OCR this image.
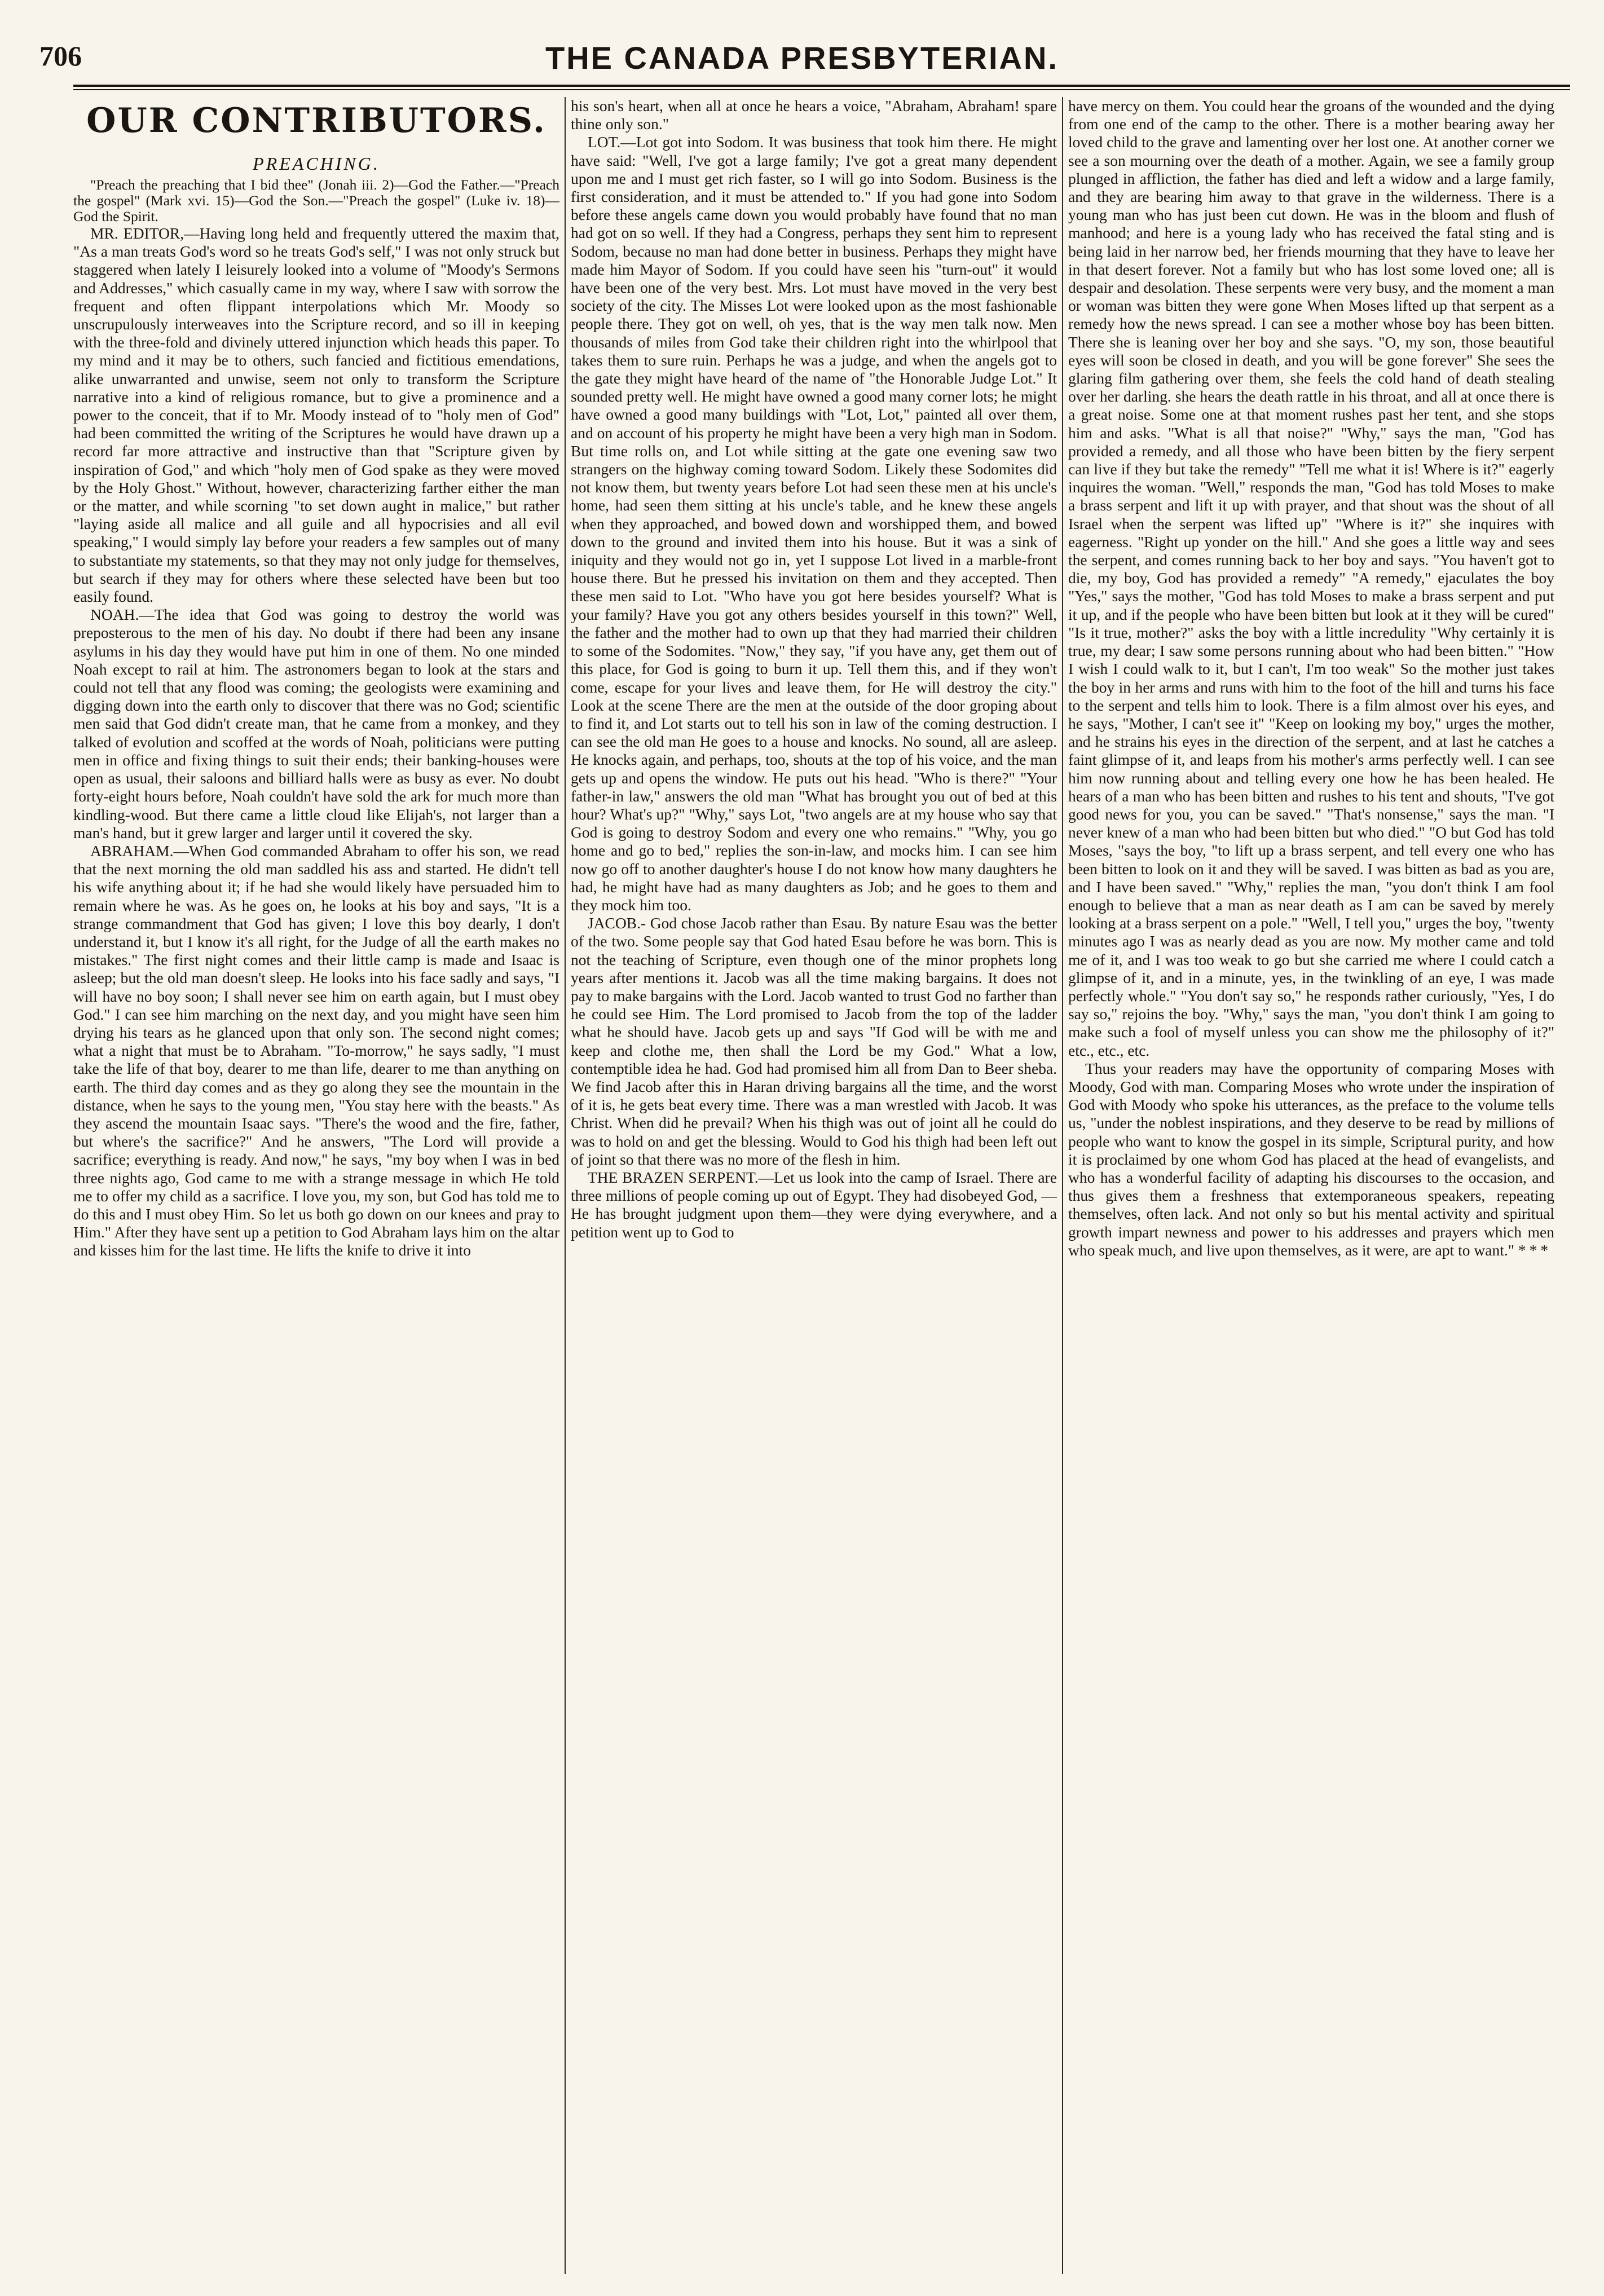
706	THE CANADA PRESBYTERIAN.
OUR CONTRIBUTORS.
PREACHING.

"Preach the preaching that I bid thee" (Jonah iii. 2)—God the Father.—"Preach the gospel" (Mark xvi. 15)—God the Son.—"Preach the gospel" (Luke iv. 18)—God the Spirit.

MR. EDITOR,—Having long held and frequently uttered the maxim that, "As a man treats God's word so he treats God's self," I was not only struck but staggered when lately I leisurely looked into a volume of "Moody's Sermons and Addresses," which casually came in my way, where I saw with sorrow the frequent and often flippant interpolations which Mr. Moody so unscrupulously interweaves into the Scripture record, and so ill in keeping with the three-fold and divinely uttered injunction which heads this paper. To my mind and it may be to others, such fancied and fictitious emendations, alike unwarranted and unwise, seem not only to transform the Scripture narrative into a kind of religious romance, but to give a prominence and a power to the conceit, that if to Mr. Moody instead of to "holy men of God" had been committed the writing of the Scriptures he would have drawn up a record far more attractive and instructive than that "Scripture given by inspiration of God," and which "holy men of God spake as they were moved by the Holy Ghost." Without, however, characterizing farther either the man or the matter, and while scorning "to set down aught in malice," but rather "laying aside all malice and all guile and all hypocrisies and all evil speaking," I would simply lay before your readers a few samples out of many to substantiate my statements, so that they may not only judge for themselves, but search if they may for others where these selected have been but too easily found.

NOAH.—The idea that God was going to destroy the world was preposterous to the men of his day. No doubt if there had been any insane asylums in his day they would have put him in one of them. No one minded Noah except to rail at him. The astronomers began to look at the stars and could not tell that any flood was coming; the geologists were examining and digging down into the earth only to discover that there was no God; scientific men said that God didn't create man, that he came from a monkey, and they talked of evolution and scoffed at the words of Noah, politicians were putting men in office and fixing things to suit their ends; their banking-houses were open as usual, their saloons and billiard halls were as busy as ever. No doubt forty-eight hours before, Noah couldn't have sold the ark for much more than kindling-wood. But there came a little cloud like Elijah's, not larger than a man's hand, but it grew larger and larger until it covered the sky.

ABRAHAM.—When God commanded Abraham to offer his son, we read that the next morning the old man saddled his ass and started. He didn't tell his wife anything about it; if he had she would likely have persuaded him to remain where he was. As he goes on, he looks at his boy and says, "It is a strange commandment that God has given; I love this boy dearly, I don't understand it, but I know it's all right, for the Judge of all the earth makes no mistakes." The first night comes and their little camp is made and Isaac is asleep; but the old man doesn't sleep. He looks into his face sadly and says, "I will have no boy soon; I shall never see him on earth again, but I must obey God." I can see him marching on the next day, and you might have seen him drying his tears as he glanced upon that only son. The second night comes; what a night that must be to Abraham. "To-morrow," he says sadly, "I must take the life of that boy, dearer to me than life, dearer to me than anything on earth. The third day comes and as they go along they see the mountain in the distance, when he says to the young men, "You stay here with the beasts." As they ascend the mountain Isaac says. "There's the wood and the fire, father, but where's the sacrifice?" And he answers, "The Lord will provide a sacrifice; everything is ready. And now," he says, "my boy when I was in bed three nights ago, God came to me with a strange message in which He told me to offer my child as a sacrifice. I love you, my son, but God has told me to do this and I must obey Him. So let us both go down on our knees and pray to Him." After they have sent up a petition to God Abraham lays him on the altar and kisses him for the last time. He lifts the knife to drive it into

his son's heart, when all at once he hears a voice, "Abraham, Abraham! spare thine only son."

LOT.—Lot got into Sodom. It was business that took him there. He might have said: "Well, I've got a large family; I've got a great many dependent upon me and I must get rich faster, so I will go into Sodom. Business is the first consideration, and it must be attended to." If you had gone into Sodom before these angels came down you would probably have found that no man had got on so well. If they had a Congress, perhaps they sent him to represent Sodom, because no man had done better in business. Perhaps they might have made him Mayor of Sodom. If you could have seen his "turn-out" it would have been one of the very best. Mrs. Lot must have moved in the very best society of the city. The Misses Lot were looked upon as the most fashionable people there. They got on well, oh yes, that is the way men talk now. Men thousands of miles from God take their children right into the whirlpool that takes them to sure ruin. Perhaps he was a judge, and when the angels got to the gate they might have heard of the name of "the Honorable Judge Lot." It sounded pretty well. He might have owned a good many corner lots; he might have owned a good many buildings with "Lot, Lot," painted all over them, and on account of his property he might have been a very high man in Sodom. But time rolls on, and Lot while sitting at the gate one evening saw two strangers on the highway coming toward Sodom. Likely these Sodomites did not know them, but twenty years before Lot had seen these men at his uncle's home, had seen them sitting at his uncle's table, and he knew these angels when they approached, and bowed down and worshipped them, and bowed down to the ground and invited them into his house. But it was a sink of iniquity and they would not go in, yet I suppose Lot lived in a marble-front house there. But he pressed his invitation on them and they accepted. Then these men said to Lot. "Who have you got here besides yourself? What is your family? Have you got any others besides yourself in this town?" Well, the father and the mother had to own up that they had married their children to some of the Sodomites. "Now," they say, "if you have any, get them out of this place, for God is going to burn it up. Tell them this, and if they won't come, escape for your lives and leave them, for He will destroy the city." Look at the scene There are the men at the outside of the door groping about to find it, and Lot starts out to tell his son in law of the coming destruction. I can see the old man He goes to a house and knocks. No sound, all are asleep. He knocks again, and perhaps, too, shouts at the top of his voice, and the man gets up and opens the window. He puts out his head. "Who is there?" "Your father-in law," answers the old man "What has brought you out of bed at this hour? What's up?" "Why," says Lot, "two angels are at my house who say that God is going to destroy Sodom and every one who remains." "Why, you go home and go to bed," replies the son-in-law, and mocks him. I can see him now go off to another daughter's house I do not know how many daughters he had, he might have had as many daughters as Job; and he goes to them and they mock him too.

JACOB.- God chose Jacob rather than Esau. By nature Esau was the better of the two. Some people say that God hated Esau before he was born. This is not the teaching of Scripture, even though one of the minor prophets long years after mentions it. Jacob was all the time making bargains. It does not pay to make bargains with the Lord. Jacob wanted to trust God no farther than he could see Him. The Lord promised to Jacob from the top of the ladder what he should have. Jacob gets up and says "If God will be with me and keep and clothe me, then shall the Lord be my God." What a low, contemptible idea he had. God had promised him all from Dan to Beer sheba. We find Jacob after this in Haran driving bargains all the time, and the worst of it is, he gets beat every time. There was a man wrestled with Jacob. It was Christ. When did he prevail? When his thigh was out of joint all he could do was to hold on and get the blessing. Would to God his thigh had been left out of joint so that there was no more of the flesh in him.

THE BRAZEN SERPENT.—Let us look into the camp of Israel. There are three millions of people coming up out of Egypt. They had disobeyed God, —He has brought judgment upon them—they were dying everywhere, and a petition went up to God to

have mercy on them. You could hear the groans of the wounded and the dying from one end of the camp to the other. There is a mother bearing away her loved child to the grave and lamenting over her lost one. At another corner we see a son mourning over the death of a mother. Again, we see a family group plunged in affliction, the father has died and left a widow and a large family, and they are bearing him away to that grave in the wilderness. There is a young man who has just been cut down. He was in the bloom and flush of manhood; and here is a young lady who has received the fatal sting and is being laid in her narrow bed, her friends mourning that they have to leave her in that desert forever. Not a family but who has lost some loved one; all is despair and desolation. These serpents were very busy, and the moment a man or woman was bitten they were gone When Moses lifted up that serpent as a remedy how the news spread. I can see a mother whose boy has been bitten. There she is leaning over her boy and she says. "O, my son, those beautiful eyes will soon be closed in death, and you will be gone forever" She sees the glaring film gathering over them, she feels the cold hand of death stealing over her darling. she hears the death rattle in his throat, and all at once there is a great noise. Some one at that moment rushes past her tent, and she stops him and asks. "What is all that noise?" "Why," says the man, "God has provided a remedy, and all those who have been bitten by the fiery serpent can live if they but take the remedy" "Tell me what it is! Where is it?" eagerly inquires the woman. "Well," responds the man, "God has told Moses to make a brass serpent and lift it up with prayer, and that shout was the shout of all Israel when the serpent was lifted up" "Where is it?" she inquires with eagerness. "Right up yonder on the hill." And she goes a little way and sees the serpent, and comes running back to her boy and says. "You haven't got to die, my boy, God has provided a remedy" "A remedy," ejaculates the boy "Yes," says the mother, "God has told Moses to make a brass serpent and put it up, and if the people who have been bitten but look at it they will be cured" "Is it true, mother?" asks the boy with a little incredulity "Why certainly it is true, my dear; I saw some persons running about who had been bitten." "How I wish I could walk to it, but I can't, I'm too weak" So the mother just takes the boy in her arms and runs with him to the foot of the hill and turns his face to the serpent and tells him to look. There is a film almost over his eyes, and he says, "Mother, I can't see it" "Keep on looking my boy," urges the mother, and he strains his eyes in the direction of the serpent, and at last he catches a faint glimpse of it, and leaps from his mother's arms perfectly well. I can see him now running about and telling every one how he has been healed. He hears of a man who has been bitten and rushes to his tent and shouts, "I've got good news for you, you can be saved." "That's nonsense," says the man. "I never knew of a man who had been bitten but who died." "O but God has told Moses, "says the boy, "to lift up a brass serpent, and tell every one who has been bitten to look on it and they will be saved. I was bitten as bad as you are, and I have been saved." "Why," replies the man, "you don't think I am fool enough to believe that a man as near death as I am can be saved by merely looking at a brass serpent on a pole." "Well, I tell you," urges the boy, "twenty minutes ago I was as nearly dead as you are now. My mother came and told me of it, and I was too weak to go but she carried me where I could catch a glimpse of it, and in a minute, yes, in the twinkling of an eye, I was made perfectly whole." "You don't say so," he responds rather curiously, "Yes, I do say so," rejoins the boy. "Why," says the man, "you don't think I am going to make such a fool of myself unless you can show me the philosophy of it?" etc., etc., etc.

Thus your readers may have the opportunity of comparing Moses with Moody, God with man. Comparing Moses who wrote under the inspiration of God with Moody who spoke his utterances, as the preface to the volume tells us, "under the noblest inspirations, and they deserve to be read by millions of people who want to know the gospel in its simple, Scriptural purity, and how it is proclaimed by one whom God has placed at the head of evangelists, and who has a wonderful facility of adapting his discourses to the occasion, and thus gives them a freshness that extemporaneous speakers, repeating themselves, often lack. And not only so but his mental activity and spiritual growth impart newness and power to his addresses and prayers which men who speak much, and live upon themselves, as it were, are apt to want." ***
